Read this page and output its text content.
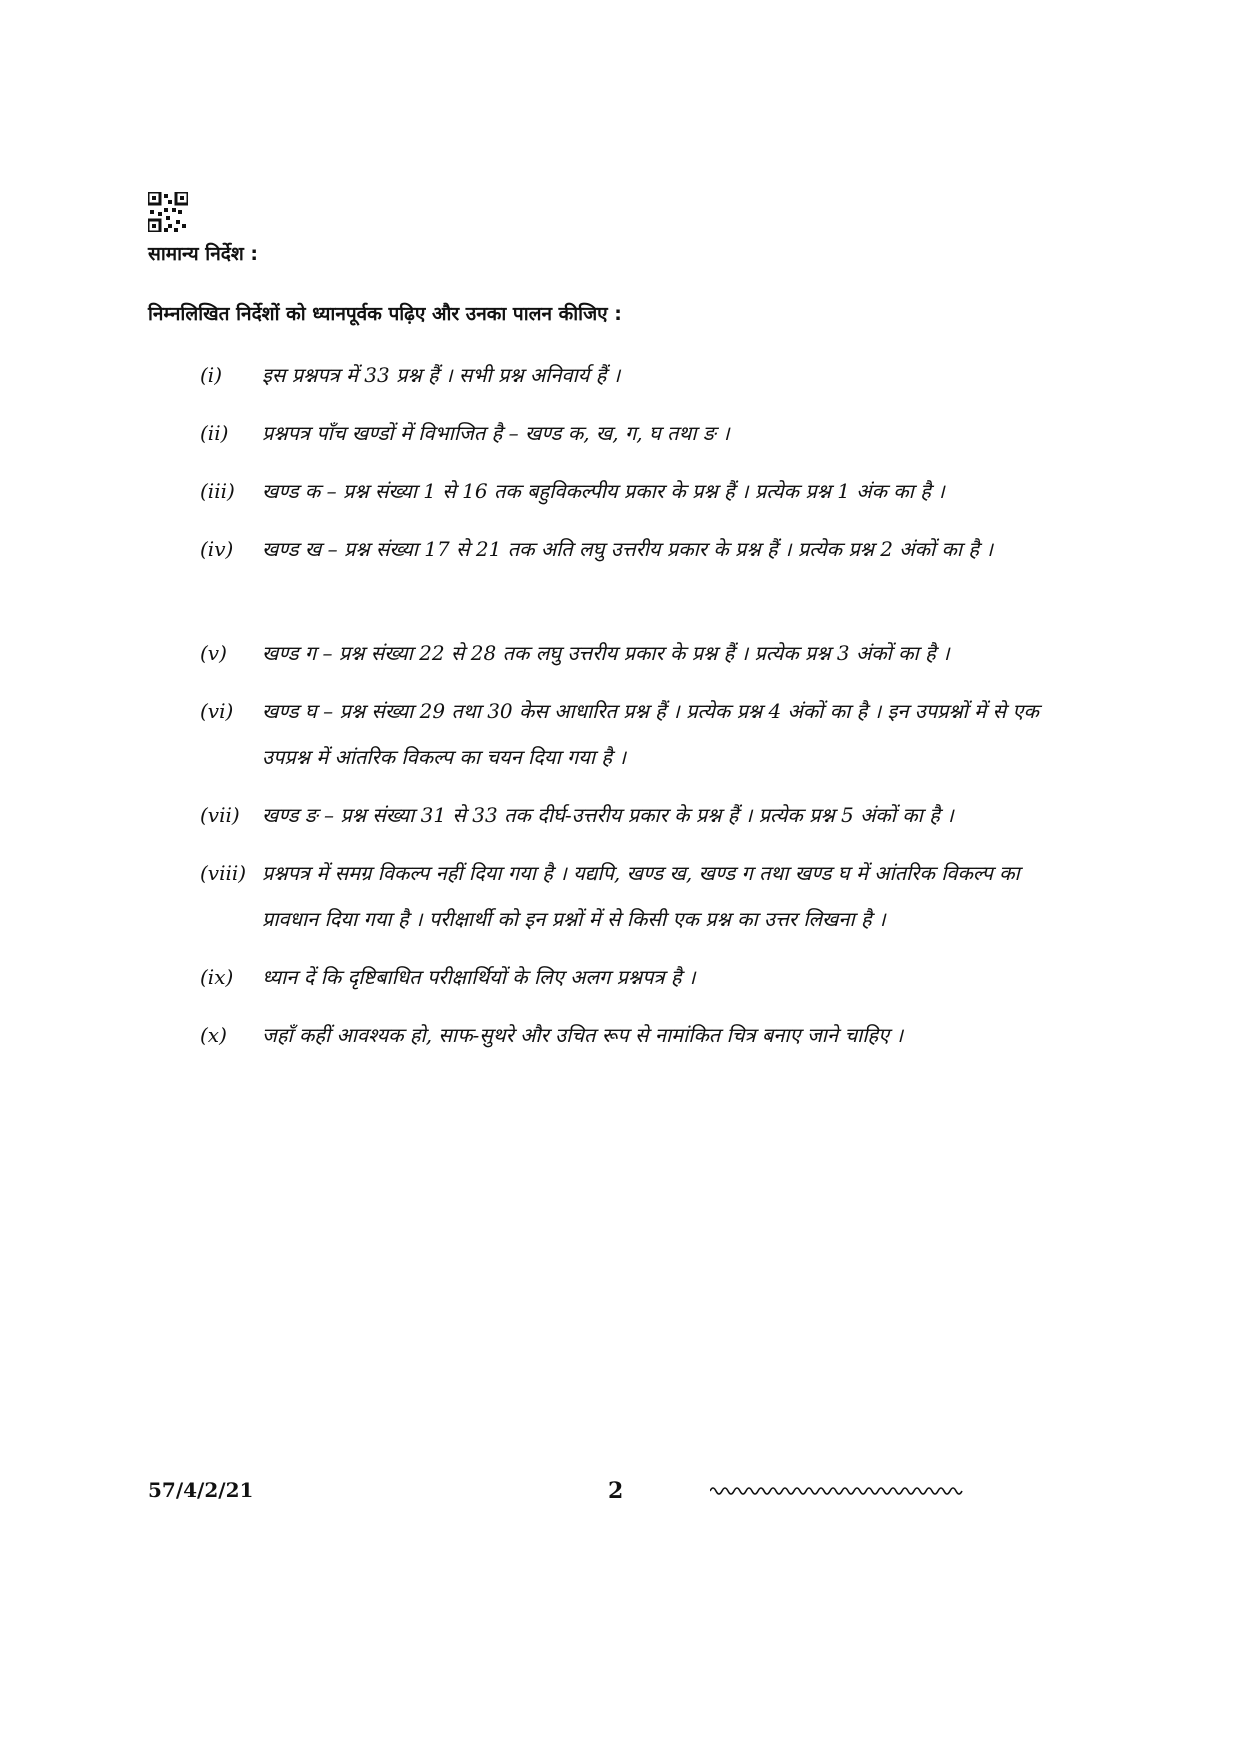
सामान्य निर्देश :
निम्नलिखित निर्देशों को ध्यानपूर्वक पढ़िए और उनका पालन कीजिए :
(i)	इस प्रश्नपत्र में 33 प्रश्न हैं । सभी प्रश्न अनिवार्य हैं ।
(ii)	प्रश्नपत्र पाँच खण्डों में विभाजित है – खण्ड क, ख, ग, घ तथा ङ ।
(iii)	खण्ड क – प्रश्न संख्या 1 से 16 तक बहुविकल्पीय प्रकार के प्रश्न हैं । प्रत्येक प्रश्न 1 अंक का है ।
(iv)	खण्ड ख – प्रश्न संख्या 17 से 21 तक अति लघु उत्तरीय प्रकार के प्रश्न हैं । प्रत्येक प्रश्न 2 अंकों का है ।
(v)	खण्ड ग – प्रश्न संख्या 22 से 28 तक लघु उत्तरीय प्रकार के प्रश्न हैं । प्रत्येक प्रश्न 3 अंकों का है ।
(vi)	खण्ड घ – प्रश्न संख्या 29 तथा 30 केस आधारित प्रश्न हैं । प्रत्येक प्रश्न 4 अंकों का है । इन उपप्रश्नों में से एक उपप्रश्न में आंतरिक विकल्प का चयन दिया गया है ।
(vii)	खण्ड ङ – प्रश्न संख्या 31 से 33 तक दीर्घ-उत्तरीय प्रकार के प्रश्न हैं । प्रत्येक प्रश्न 5 अंकों का है ।
(viii) प्रश्नपत्र में समग्र विकल्प नहीं दिया गया है । यद्यपि, खण्ड ख, खण्ड ग तथा खण्ड घ में आंतरिक विकल्प का प्रावधान दिया गया है । परीक्षार्थी को इन प्रश्नों में से किसी एक प्रश्न का उत्तर लिखना है ।
(ix)	ध्यान दें कि दृष्टिबाधित परीक्षार्थियों के लिए अलग प्रश्नपत्र है ।
(x)	जहाँ कहीं आवश्यक हो, साफ-सुथरे और उचित रूप से नामांकित चित्र बनाए जाने चाहिए ।
57/4/2/21	2
